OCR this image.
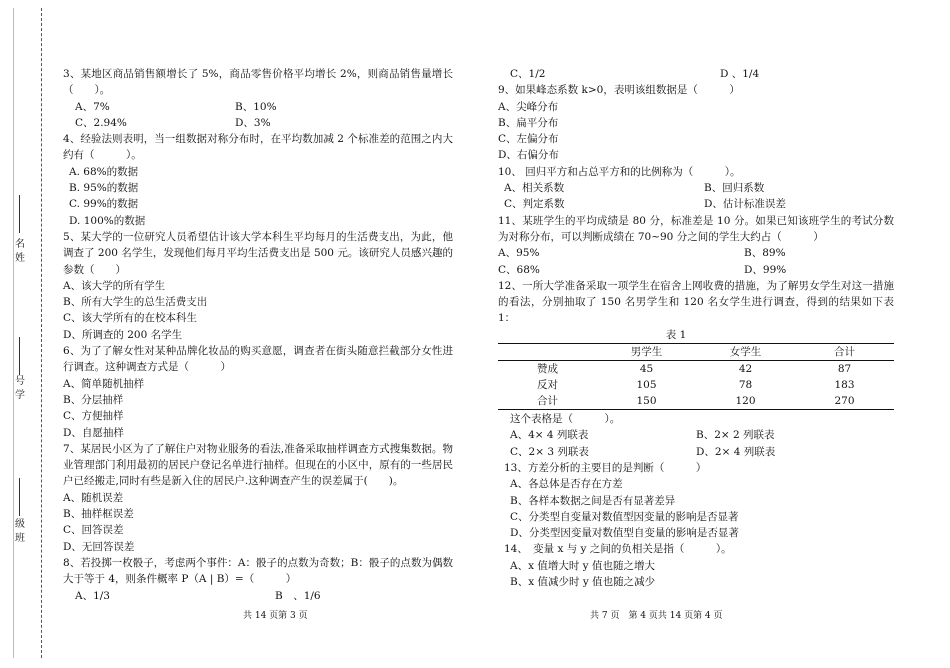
名
姓
号
学
级
班

3、某地区商品销售额增长了 5%，商品零售价格平均增长 2%，则商品销售量增长（　　）。

A、7%	B、10%
C、2.94%	D、3%

4、经验法则表明，当一组数据对称分布时，在平均数加减 2 个标准差的范围之内大约有（　　　）。

A. 68%的数据

B. 95%的数据

C. 99%的数据

D. 100%的数据

5、某大学的一位研究人员希望估计该大学本科生平均每月的生活费支出，为此，他调查了 200 名学生，发现他们每月平均生活费支出是 500 元。该研究人员感兴趣的参数（　　）

A、该大学的所有学生

B、所有大学生的总生活费支出

C、该大学所有的在校本科生

D、所调查的 200 名学生

6、为了了解女性对某种品牌化妆品的购买意愿，调查者在街头随意拦截部分女性进行调查。这种调查方式是（　　　）

A、简单随机抽样

B、分层抽样

C、方便抽样

D、自愿抽样

7、某居民小区为了了解住户对物业服务的看法,准备采取抽样调查方式搜集数据。物业管理部门利用最初的居民户登记名单进行抽样。但现在的小区中，原有的一些居民户已经搬走,同时有些是新入住的居民户.这种调查产生的误差属于(　　)。

A、随机误差

B、抽样框误差

C、回答误差

D、无回答误差

8、若投掷一枚骰子，考虑两个事件：A：骰子的点数为奇数；B：骰子的点数为偶数大于等于 4，则条件概率 P（A | B）=（　　　）

A、1/3	B　、1/6
C、1/2	D 、1/4

9、如果峰态系数 k>0，表明该组数据是（　　　）

A、尖峰分布

B、扁平分布

C、左偏分布

D、右偏分布

10、 回归平方和占总平方和的比例称为（　　　）。

A、相关系数	B、回归系数
C、判定系数	D、估计标准误差

11、某班学生的平均成绩是 80 分，标准差是 10 分。如果已知该班学生的考试分数为对称分布，可以判断成绩在 70~90 分之间的学生大约占（　　　）

A、95%	B、89%
C、68%	D、99%

12、一所大学准备采取一项学生在宿舍上网收费的措施，为了解男女学生对这一措施的看法，分别抽取了 150 名男学生和 120 名女学生进行调查，得到的结果如下表 1：

表 1

	男学生	女学生	合计
赞成	45	42	87
反对	105	78	183
合计	150	120	270

这个表格是（　　　）。

A、4× 4 列联表	B、2× 2 列联表
C、2× 3 列联表	D、2× 4 列联表

13、方差分析的主要目的是判断（　　　）

A、各总体是否存在方差

B、各样本数据之间是否有显著差异

C、分类型自变量对数值型因变量的影响是否显著

D、分类型因变量对数值型自变量的影响是否显著

14、　变量 x 与 y 之间的负相关是指（　　　）。

A、x 值增大时 y 值也随之增大

B、x 值减少时 y 值也随之减少

共 14 页第 3 页	共 7 页　第 4 页共 14 页第 4 页
